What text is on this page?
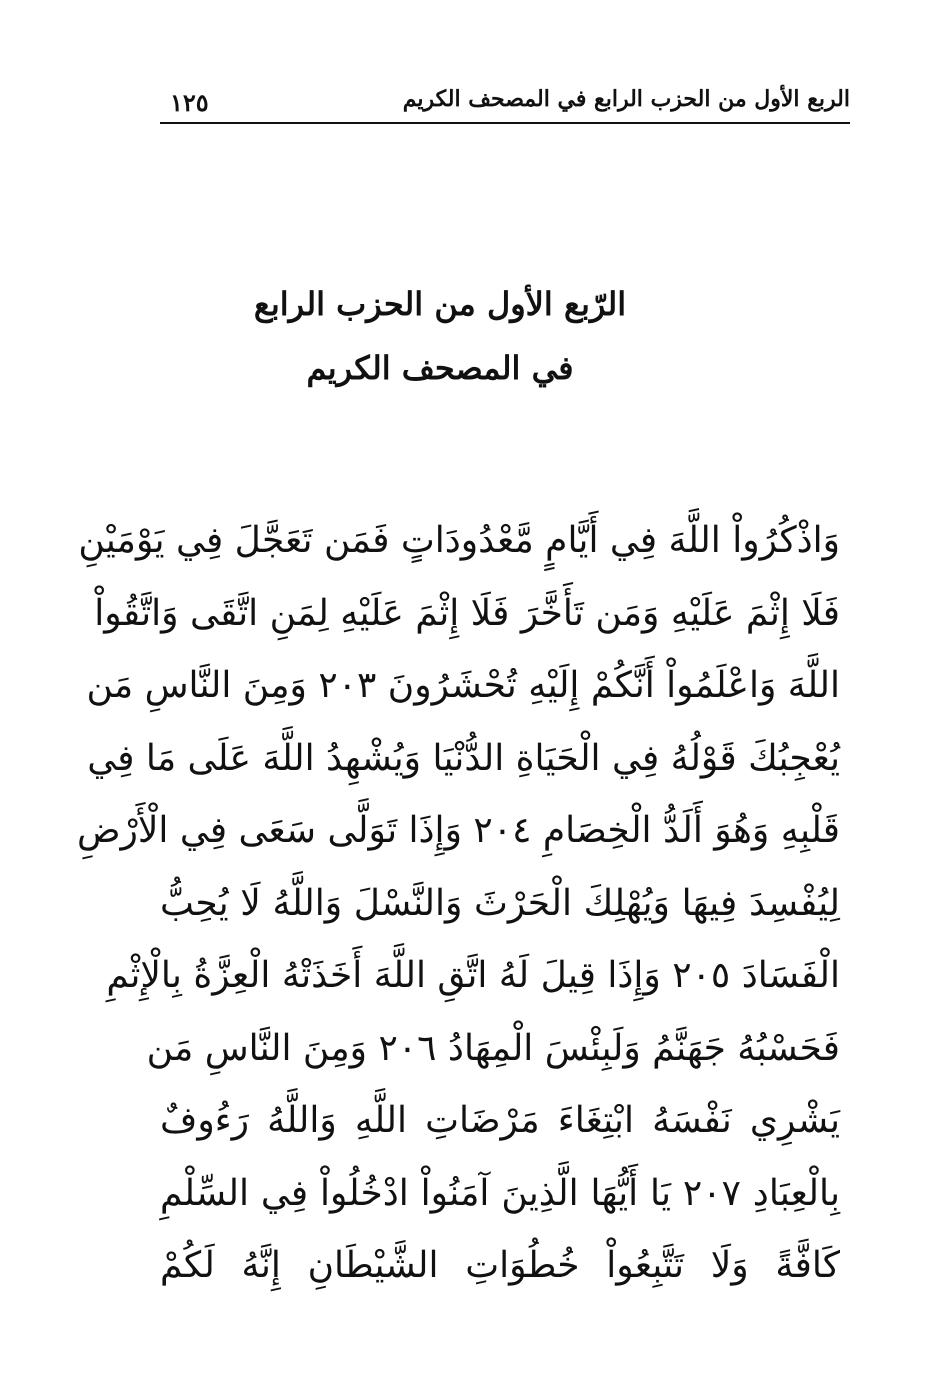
١٢٥	الربع الأول من الحزب الرابع في المصحف الكريم
الرّبع الأول من الحزب الرابع
في المصحف الكريم
وَاذْكُرُواْ اللَّهَ فِي أَيَّامٍ مَّعْدُودَاتٍ فَمَن تَعَجَّلَ فِي يَوْمَيْنِ
فَلَا إِثْمَ عَلَيْهِ وَمَن تَأَخَّرَ فَلَا إِثْمَ عَلَيْهِ لِمَنِ اتَّقَى وَاتَّقُواْ
اللَّهَ وَاعْلَمُواْ أَنَّكُمْ إِلَيْهِ تُحْشَرُونَ ٢٠٣ وَمِنَ النَّاسِ مَن
يُعْجِبُكَ قَوْلُهُ فِي الْحَيَاةِ الدُّنْيَا وَيُشْهِدُ اللَّهَ عَلَى مَا فِي
قَلْبِهِ وَهُوَ أَلَدُّ الْخِصَامِ ٢٠٤ وَإِذَا تَوَلَّى سَعَى فِي الْأَرْضِ
لِيُفْسِدَ فِيهَا وَيُهْلِكَ الْحَرْثَ وَالنَّسْلَ وَاللَّهُ لَا يُحِبُّ
الْفَسَادَ ٢٠٥ وَإِذَا قِيلَ لَهُ اتَّقِ اللَّهَ أَخَذَتْهُ الْعِزَّةُ بِالْإِثْمِ
فَحَسْبُهُ جَهَنَّمُ وَلَبِئْسَ الْمِهَادُ ٢٠٦ وَمِنَ النَّاسِ مَن
يَشْرِي نَفْسَهُ ابْتِغَاءَ مَرْضَاتِ اللَّهِ وَاللَّهُ رَءُوفٌ
بِالْعِبَادِ ٢٠٧ يَا أَيُّهَا الَّذِينَ آمَنُواْ ادْخُلُواْ فِي السِّلْمِ
كَافَّةً وَلَا تَتَّبِعُواْ خُطُوَاتِ الشَّيْطَانِ إِنَّهُ لَكُمْ
